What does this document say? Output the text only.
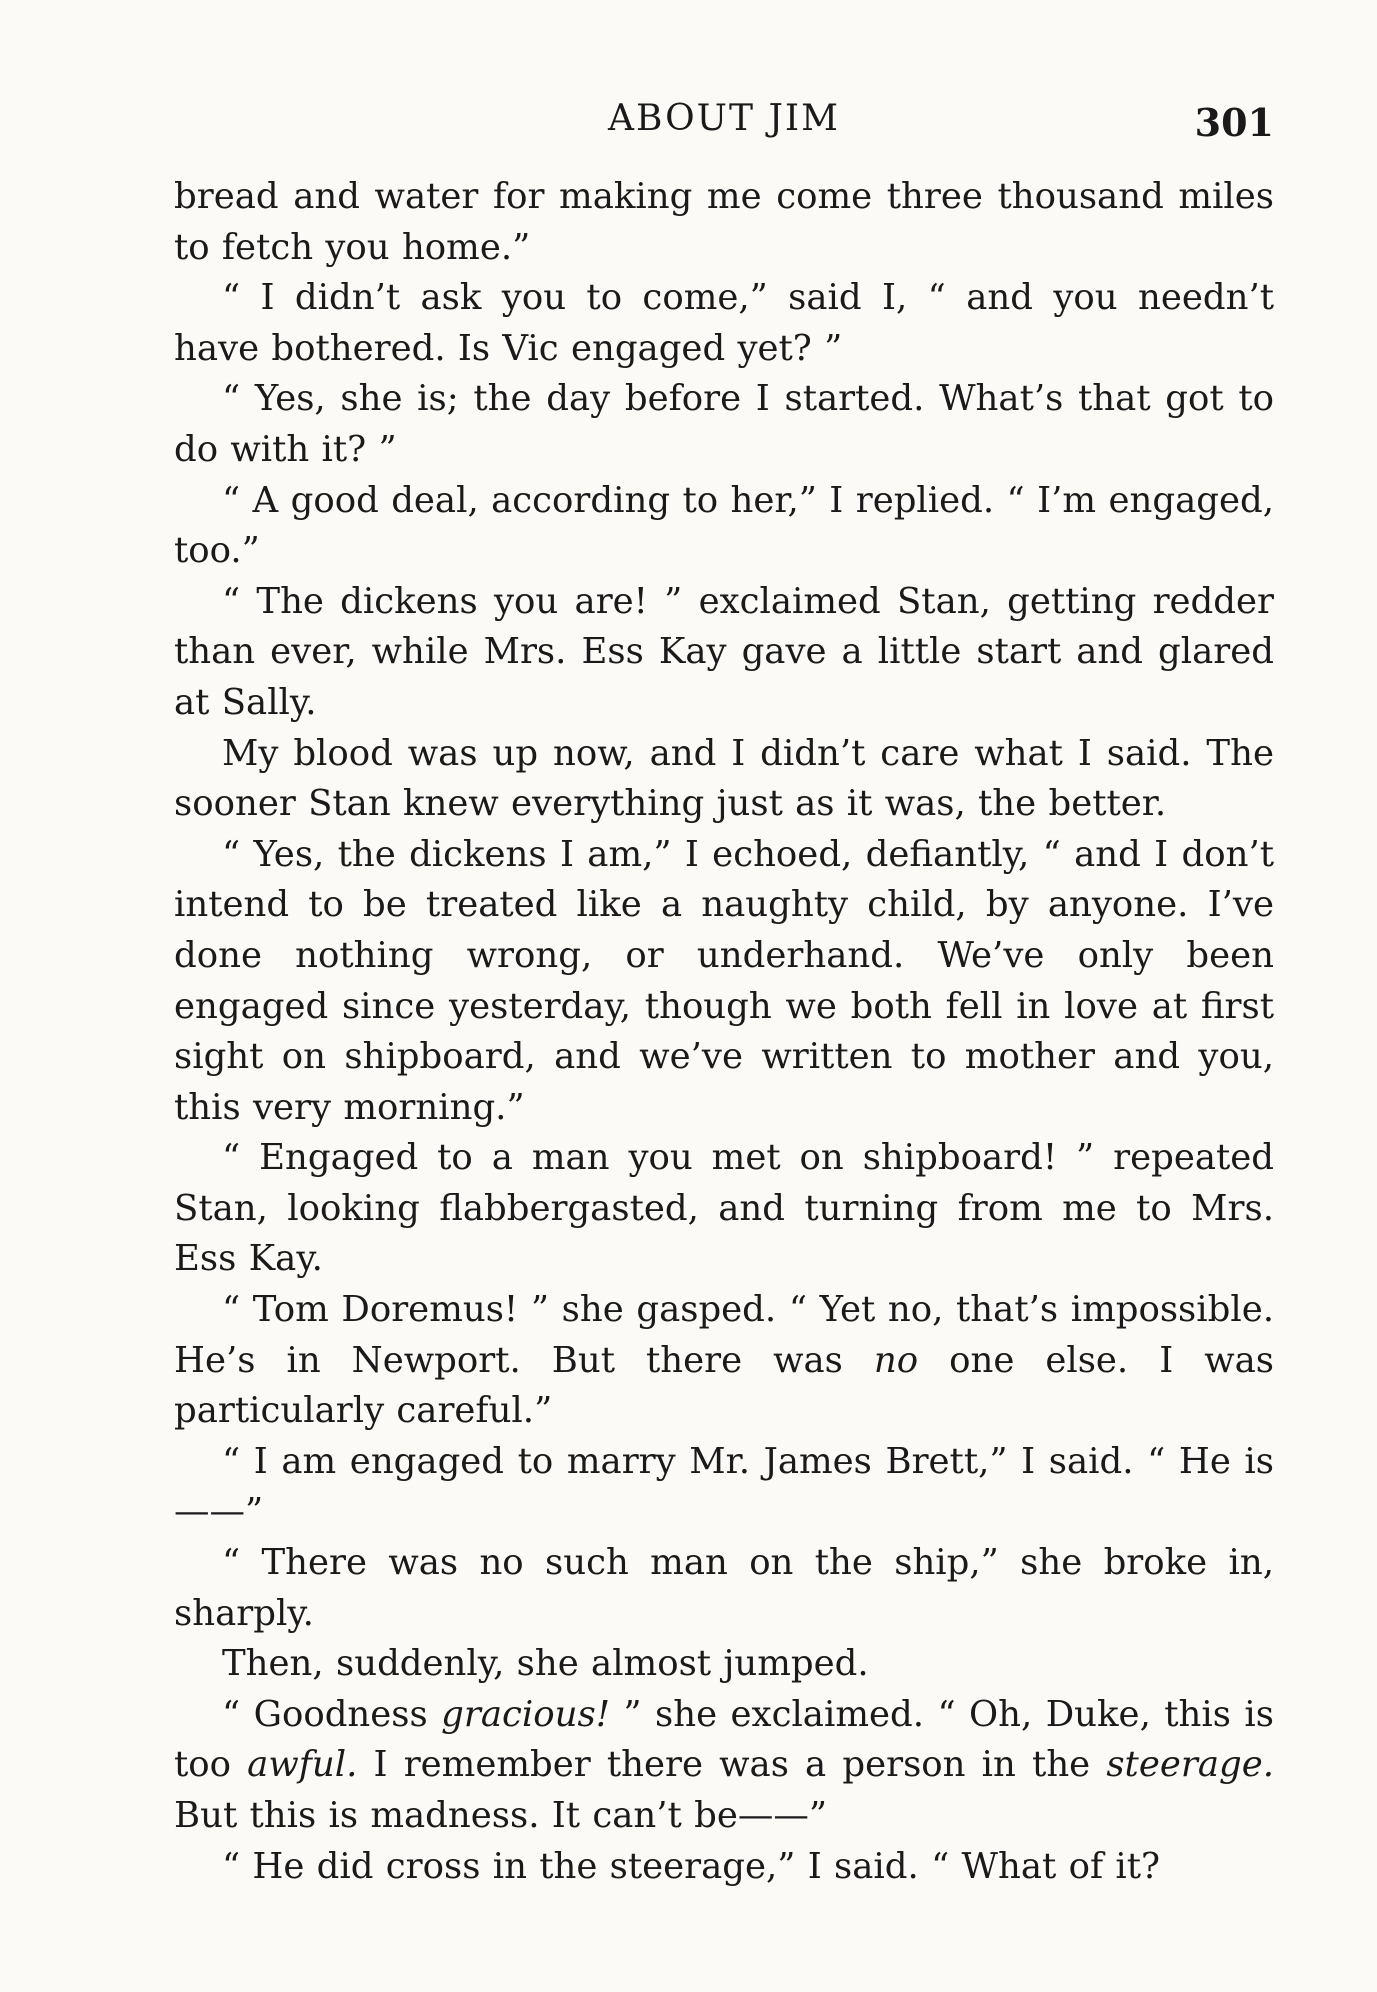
ABOUT JIM	301

bread and water for making me come three thousand miles to fetch you home.”

“ I didn’t ask you to come,” said I, “ and you needn’t have bothered. Is Vic engaged yet? ”

“ Yes, she is; the day before I started. What’s that got to do with it? ”

“ A good deal, according to her,” I replied. “ I’m engaged, too.”

“ The dickens you are! ” exclaimed Stan, getting redder than ever, while Mrs. Ess Kay gave a little start and glared at Sally.

My blood was up now, and I didn’t care what I said. The sooner Stan knew everything just as it was, the better.

“ Yes, the dickens I am,” I echoed, defiantly, “ and I don’t intend to be treated like a naughty child, by anyone. I’ve done nothing wrong, or underhand. We’ve only been engaged since yesterday, though we both fell in love at first sight on shipboard, and we’ve written to mother and you, this very morning.”

“ Engaged to a man you met on shipboard! ” repeated Stan, looking flabbergasted, and turning from me to Mrs. Ess Kay.

“ Tom Doremus! ” she gasped. “ Yet no, that’s impossible. He’s in Newport. But there was no one else. I was particularly careful.”

“ I am engaged to marry Mr. James Brett,” I said. “ He is——”

“ There was no such man on the ship,” she broke in, sharply.

Then, suddenly, she almost jumped.

“ Goodness gracious! ” she exclaimed. “ Oh, Duke, this is too awful. I remember there was a person in the steerage. But this is madness. It can’t be——”

“ He did cross in the steerage,” I said. “ What of it?
